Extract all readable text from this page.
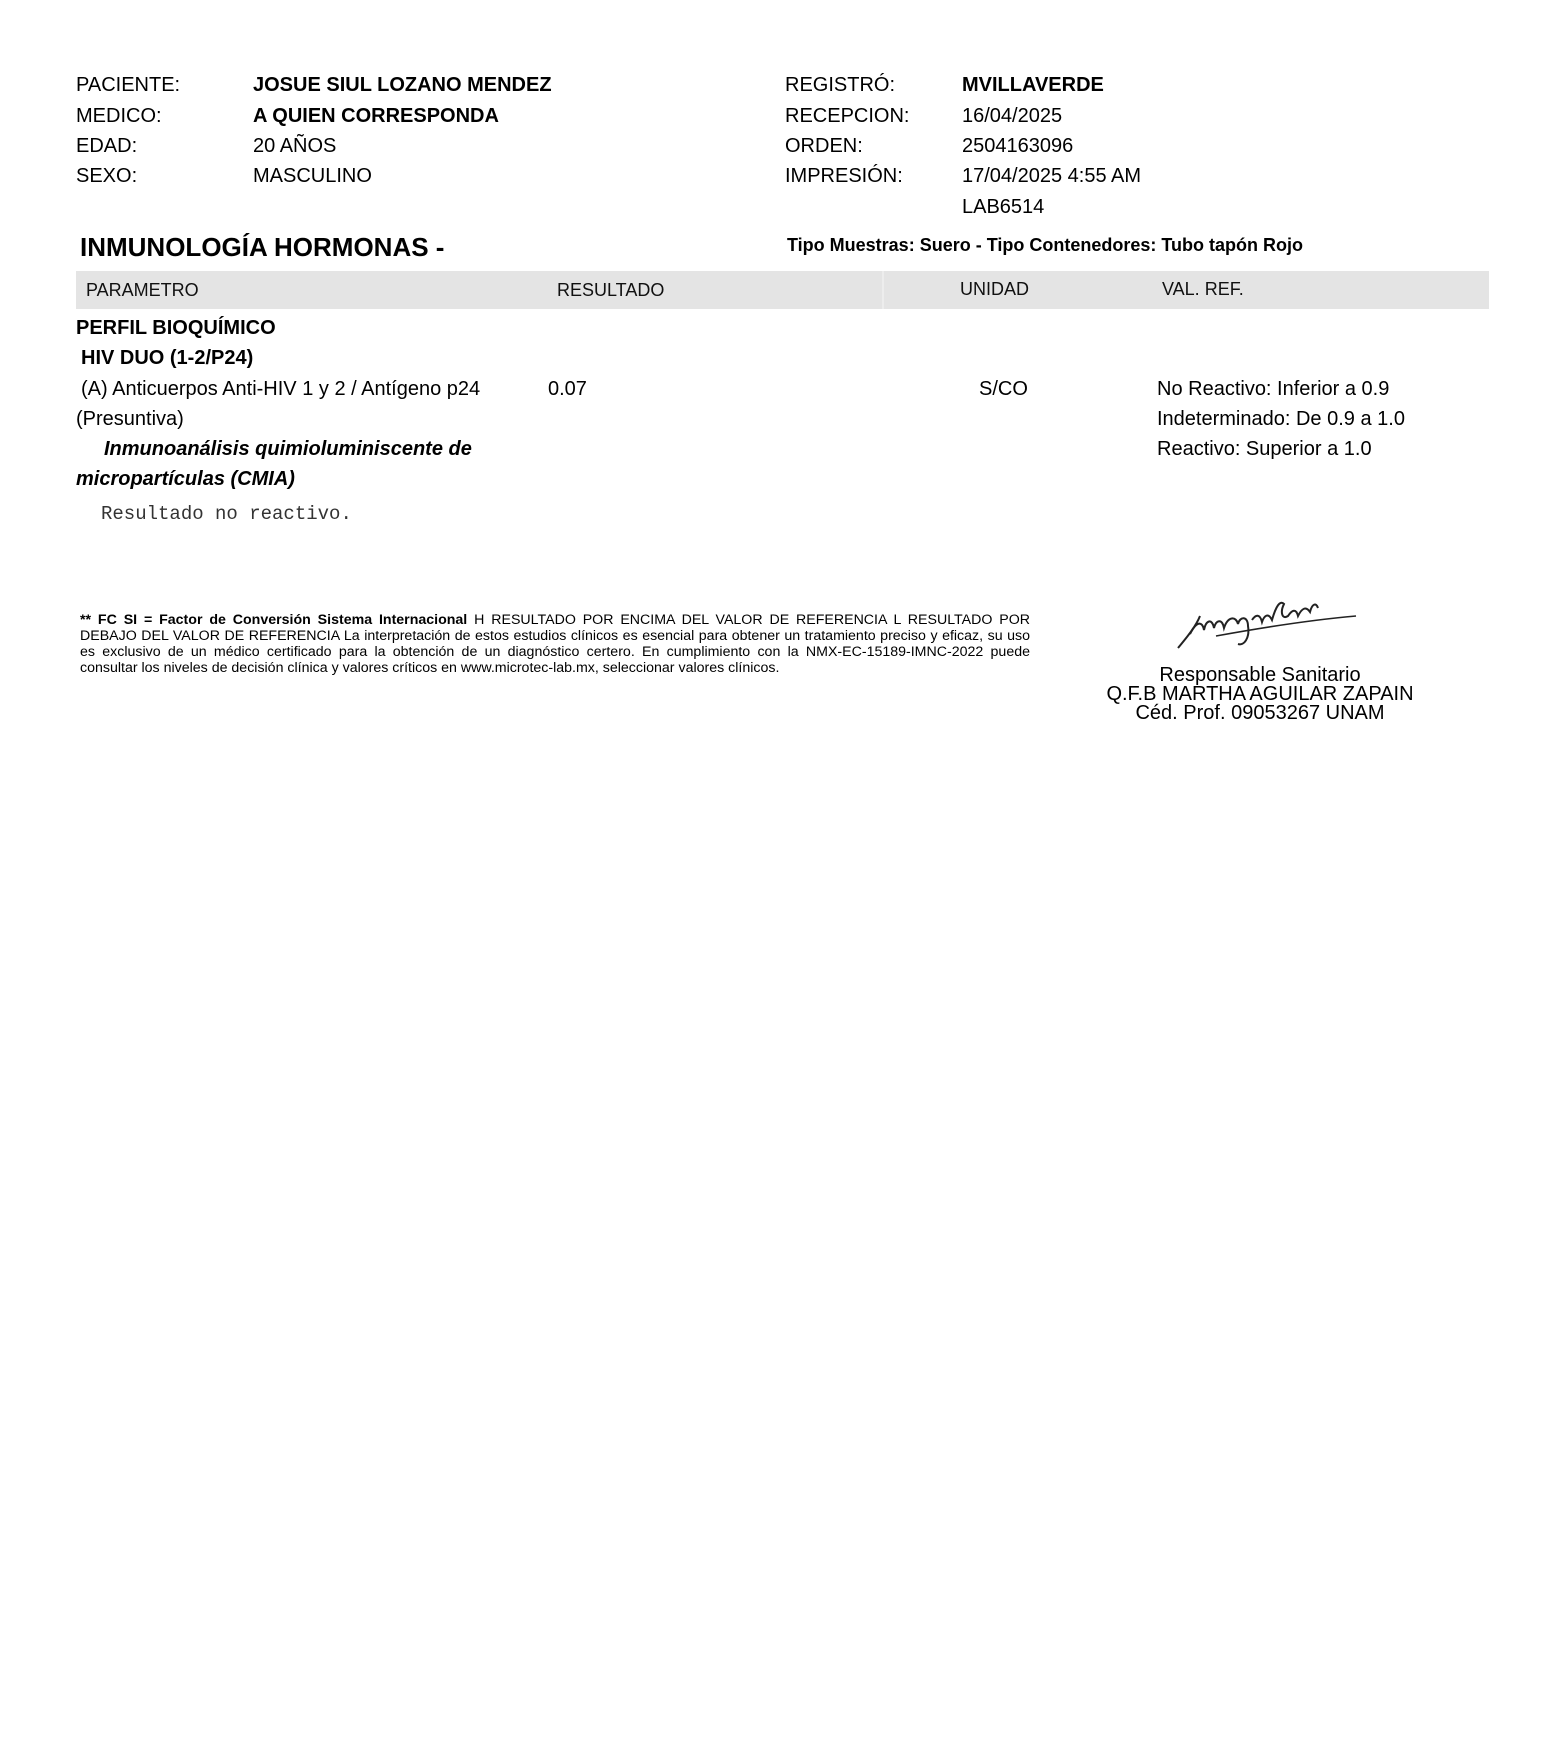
PACIENTE:	JOSUE SIUL LOZANO MENDEZ
MEDICO:	A QUIEN CORRESPONDA
EDAD:	20 AÑOS
SEXO:	MASCULINO
REGISTRÓ:	MVILLAVERDE
RECEPCION:	16/04/2025
ORDEN:	2504163096
IMPRESIÓN:	17/04/2025 4:55 AM
LAB6514
INMUNOLOGÍA HORMONAS -	Tipo Muestras: Suero - Tipo Contenedores: Tubo tapón Rojo
PARAMETRO	RESULTADO	UNIDAD	VAL. REF.
PERFIL BIOQUÍMICO
HIV DUO (1-2/P24)
(A) Anticuerpos Anti-HIV 1 y 2 / Antígeno p24
(Presuntiva)
Inmunoanálisis quimioluminiscente de
micropartículas (CMIA)
0.07	S/CO	No Reactivo: Inferior a 0.9
Indeterminado: De 0.9 a 1.0
Reactivo: Superior a 1.0
Resultado no reactivo.
** FC SI = Factor de Conversión Sistema Internacional H RESULTADO POR ENCIMA DEL VALOR DE REFERENCIA L RESULTADO POR DEBAJO DEL VALOR DE REFERENCIA La interpretación de estos estudios clínicos es esencial para obtener un tratamiento preciso y eficaz, su uso es exclusivo de un médico certificado para la obtención de un diagnóstico certero. En cumplimiento con la NMX-EC-15189-IMNC-2022 puede consultar los niveles de decisión clínica y valores críticos en www.microtec-lab.mx, seleccionar valores clínicos.	Responsable Sanitario
Q.F.B MARTHA AGUILAR ZAPAIN
Céd. Prof. 09053267 UNAM
